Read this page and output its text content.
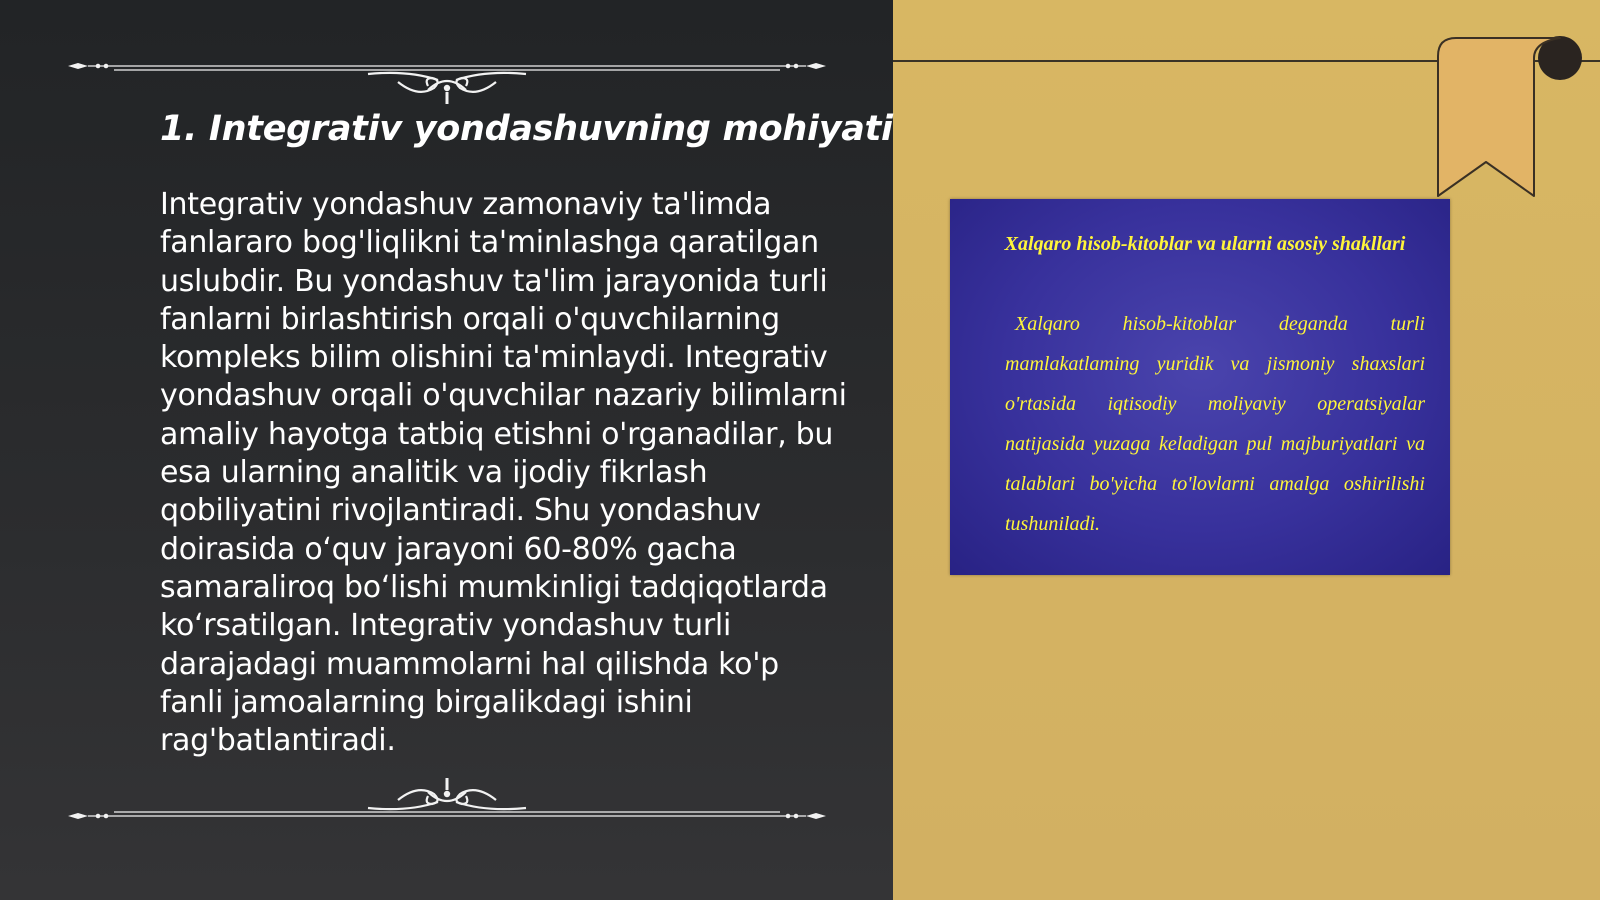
1. Integrativ yondashuvning mohiyati

Integrativ yondashuv zamonaviy ta'limda fanlararo bog'liqlikni ta'minlashga qaratilgan uslubdir. Bu yondashuv ta'lim jarayonida turli fanlarni birlashtirish orqali o'quvchilarning kompleks bilim olishini ta'minlaydi. Integrativ yondashuv orqali o'quvchilar nazariy bilimlarni amaliy hayotga tatbiq etishni o'rganadilar, bu esa ularning analitik va ijodiy fikrlash qobiliyatini rivojlantiradi. Shu yondashuv doirasida o‘quv jarayoni 60-80% gacha samaraliroq bo‘lishi mumkinligi tadqiqotlarda ko‘rsatilgan. Integrativ yondashuv turli darajadagi muammolarni hal qilishda ko'p fanli jamoalarning birgalikdagi ishini rag'batlantiradi.

Xalqaro hisob-kitoblar va ularni asosiy shakllari

Xalqaro hisob-kitoblar deganda turli mamlakatlaming yuridik va jismoniy shaxslari o'rtasida iqtisodiy moliyaviy operatsiyalar natijasida yuzaga keladigan pul majburiyatlari va talablari bo'yicha to'lovlarni amalga oshirilishi tushuniladi.
